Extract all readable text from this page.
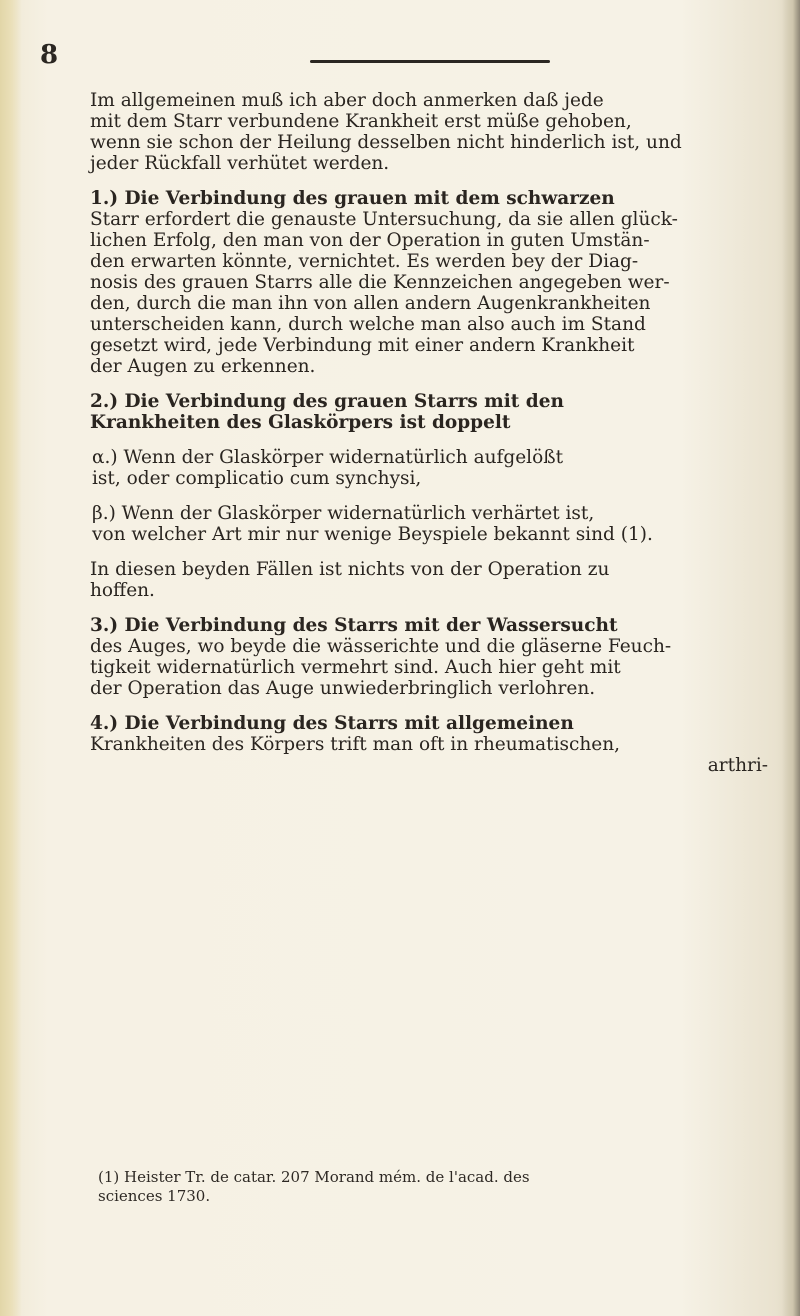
8
Im allgemeinen muß ich aber doch anmerken daß jede
mit dem Starr verbundene Krankheit erst müße gehoben,
wenn sie schon der Heilung desselben nicht hinderlich ist, und
jeder Rückfall verhütet werden.
1.) Die Verbindung des grauen mit dem schwarzen
Starr erfordert die genauste Untersuchung, da sie allen glück-
lichen Erfolg, den man von der Operation in guten Umstän-
den erwarten könnte, vernichtet. Es werden bey der Diag-
nosis des grauen Starrs alle die Kennzeichen angegeben wer-
den, durch die man ihn von allen andern Augenkrankheiten
unterscheiden kann, durch welche man also auch im Stand
gesetzt wird, jede Verbindung mit einer andern Krankheit
der Augen zu erkennen.
2.) Die Verbindung des grauen Starrs mit den
Krankheiten des Glaskörpers ist doppelt
α.) Wenn der Glaskörper widernatürlich aufgelößt
ist, oder complicatio cum synchysi,
β.) Wenn der Glaskörper widernatürlich verhärtet ist,
von welcher Art mir nur wenige Beyspiele bekannt sind (1).
In diesen beyden Fällen ist nichts von der Operation zu
hoffen.
3.) Die Verbindung des Starrs mit der Wassersucht
des Auges, wo beyde die wässerichte und die gläserne Feuch-
tigkeit widernatürlich vermehrt sind. Auch hier geht mit
der Operation das Auge unwiederbringlich verlohren.
4.) Die Verbindung des Starrs mit allgemeinen
Krankheiten des Körpers trift man oft in rheumatischen,
arthri-
(1) Heister Tr. de catar. 207 Morand mém. de l'acad. des
sciences 1730.
